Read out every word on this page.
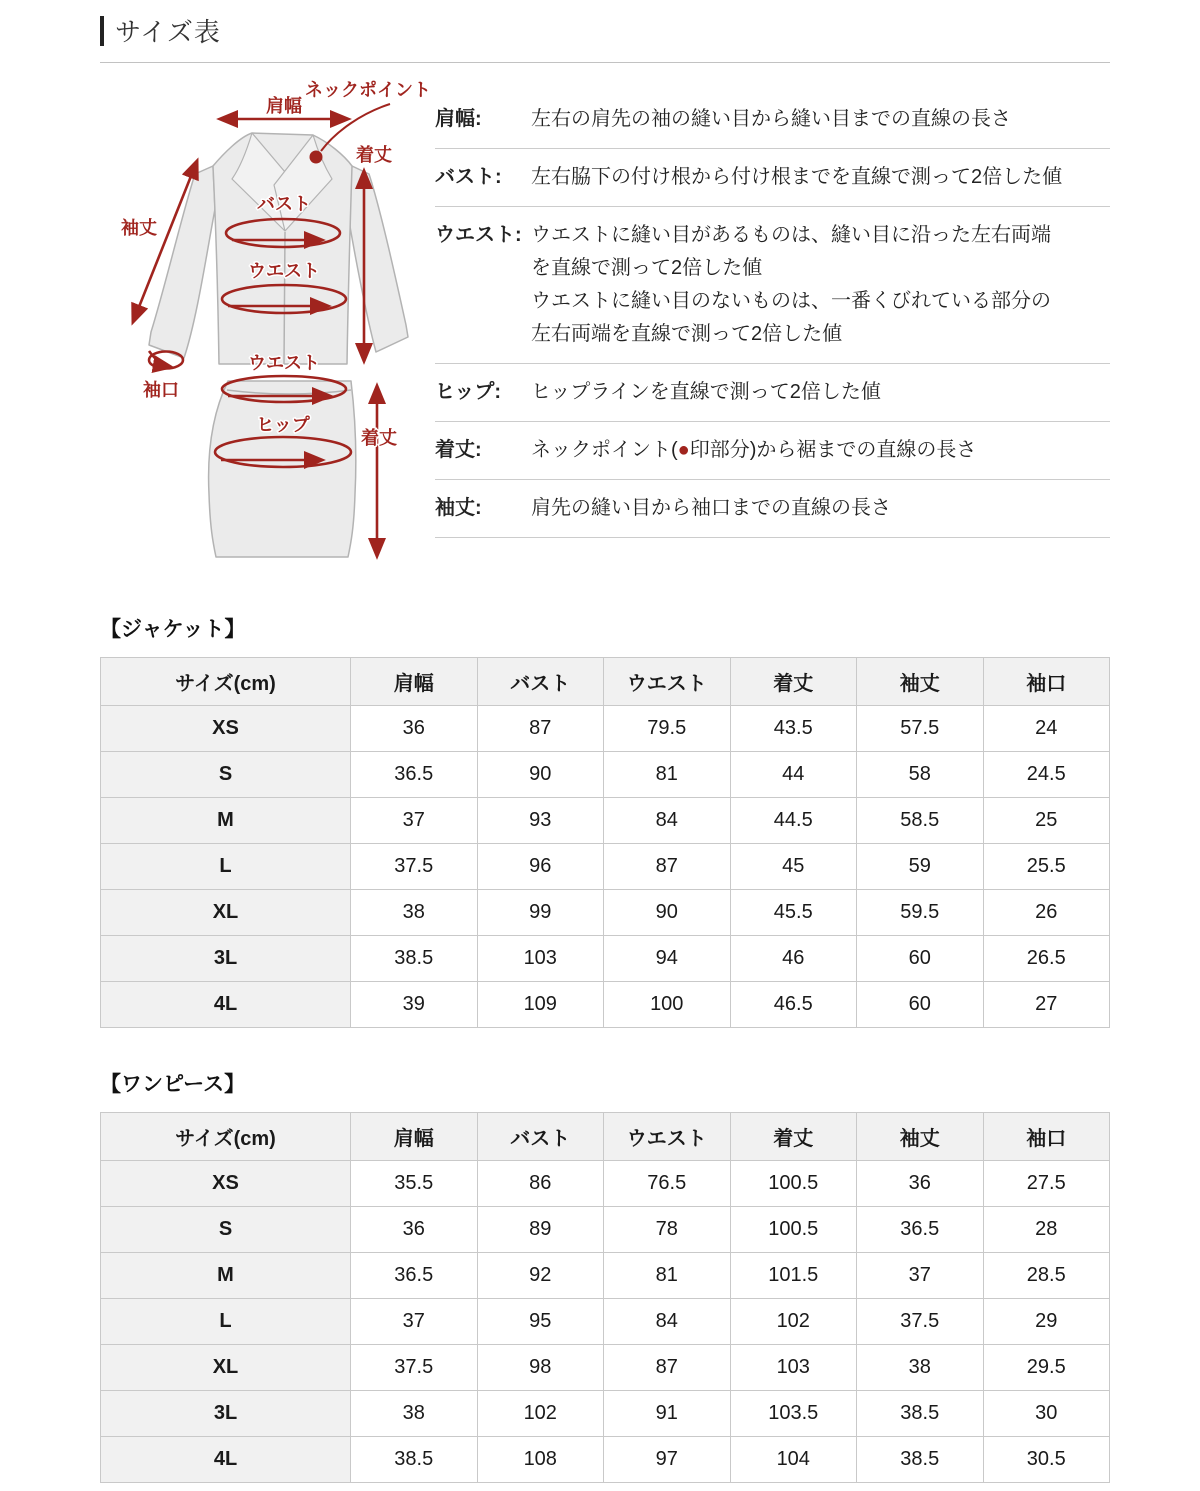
サイズ表
肩幅
ネックポイント
着丈
袖丈
バスト
ウエスト
袖口
ウエスト
ヒップ
着丈
肩幅:	左右の肩先の袖の縫い目から縫い目までの直線の長さ
バスト:	左右脇下の付け根から付け根までを直線で測って2倍した値
ウエスト: ウエストに縫い目があるものは、縫い目に沿った左右両端
を直線で測って2倍した値
ウエストに縫い目のないものは、一番くびれている部分の
左右両端を直線で測って2倍した値
ヒップ:	ヒップラインを直線で測って2倍した値
着丈:	ネックポイント(●印部分)から裾までの直線の長さ
袖丈:	肩先の縫い目から袖口までの直線の長さ
【ジャケット】
サイズ(cm)	肩幅	バスト	ウエスト	着丈	袖丈	袖口
XS	36	87	79.5	43.5	57.5	24
S	36.5	90	81	44	58	24.5
M	37	93	84	44.5	58.5	25
L	37.5	96	87	45	59	25.5
XL	38	99	90	45.5	59.5	26
3L	38.5	103	94	46	60	26.5
4L	39	109	100	46.5	60	27
【ワンピース】
サイズ(cm)	肩幅	バスト	ウエスト	着丈	袖丈	袖口
XS	35.5	86	76.5	100.5	36	27.5
S	36	89	78	100.5	36.5	28
M	36.5	92	81	101.5	37	28.5
L	37	95	84	102	37.5	29
XL	37.5	98	87	103	38	29.5
3L	38	102	91	103.5	38.5	30
4L	38.5	108	97	104	38.5	30.5
